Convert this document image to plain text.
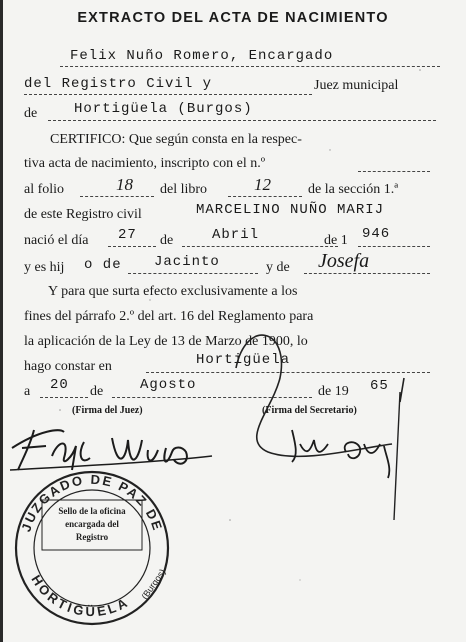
EXTRACTO DEL ACTA DE NACIMIENTO
Felix Nuño Romero, Encargado
del Registro Civil y	Juez municipal
de	Hortigüela (Burgos)
CERTIFICO: Que según consta en la respec-
tiva acta de nacimiento, inscripto con el n.º
al folio	18 del libro	12	de la sección 1.ª
de este Registro civil	MARCELINO NUÑO MARIJ
nació el día 27 de	Abril	de 1 946
y es hij o de Jacinto	y de Josefa
Y para que surta efecto exclusivamente a los
fines del párrafo 2.º del art. 16 del Reglamento para
la aplicación de la Ley de 13 de Marzo de 1900, lo
hago constar en	Hortigüela
a 20 de	Agosto	de 19 65
(Firma del Juez)	(Firma del Secretario)
JUZGADO DE PAZ DE
HORTIGÜELA
(Burgos)
Sello de la oficina
encargada del
Registro
